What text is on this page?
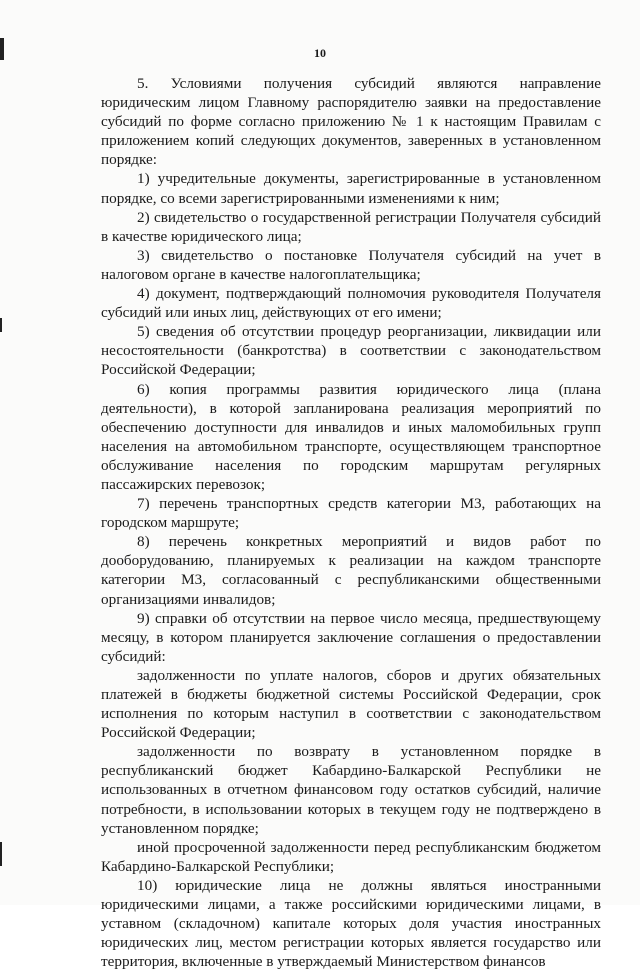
10

5. Условиями получения субсидий являются направление юридическим лицом Главному распорядителю заявки на предоставление субсидий по форме согласно приложению № 1 к настоящим Правилам с приложением копий следующих документов, заверенных в установленном порядке:

1) учредительные документы, зарегистрированные в установленном порядке, со всеми зарегистрированными изменениями к ним;

2) свидетельство о государственной регистрации Получателя субсидий в качестве юридического лица;

3) свидетельство о постановке Получателя субсидий на учет в налоговом органе в качестве налогоплательщика;

4) документ, подтверждающий полномочия руководителя Получателя субсидий или иных лиц, действующих от его имени;

5) сведения об отсутствии процедур реорганизации, ликвидации или несостоятельности (банкротства) в соответствии с законодательством Российской Федерации;

6) копия программы развития юридического лица (плана деятельности), в которой запланирована реализация мероприятий по обеспечению доступности для инвалидов и иных маломобильных групп населения на автомобильном транспорте, осуществляющем транспортное обслуживание населения по городским маршрутам регулярных пассажирских перевозок;

7) перечень транспортных средств категории М3, работающих на городском маршруте;

8) перечень конкретных мероприятий и видов работ по дооборудованию, планируемых к реализации на каждом транспорте категории М3, согласованный с республиканскими общественными организациями инвалидов;

9) справки об отсутствии на первое число месяца, предшествующему месяцу, в котором планируется заключение соглашения о предоставлении субсидий:

задолженности по уплате налогов, сборов и других обязательных платежей в бюджеты бюджетной системы Российской Федерации, срок исполнения по которым наступил в соответствии с законодательством Российской Федерации;

задолженности по возврату в установленном порядке в республиканский бюджет Кабардино-Балкарской Республики не использованных в отчетном финансовом году остатков субсидий, наличие потребности, в использовании которых в текущем году не подтверждено в установленном порядке;

иной просроченной задолженности перед республиканским бюджетом Кабардино-Балкарской Республики;

10) юридические лица не должны являться иностранными юридическими лицами, а также российскими юридическими лицами, в уставном (складочном) капитале которых доля участия иностранных юридических лиц, местом регистрации которых является государство или территория, включенные в утверждаемый Министерством финансов
